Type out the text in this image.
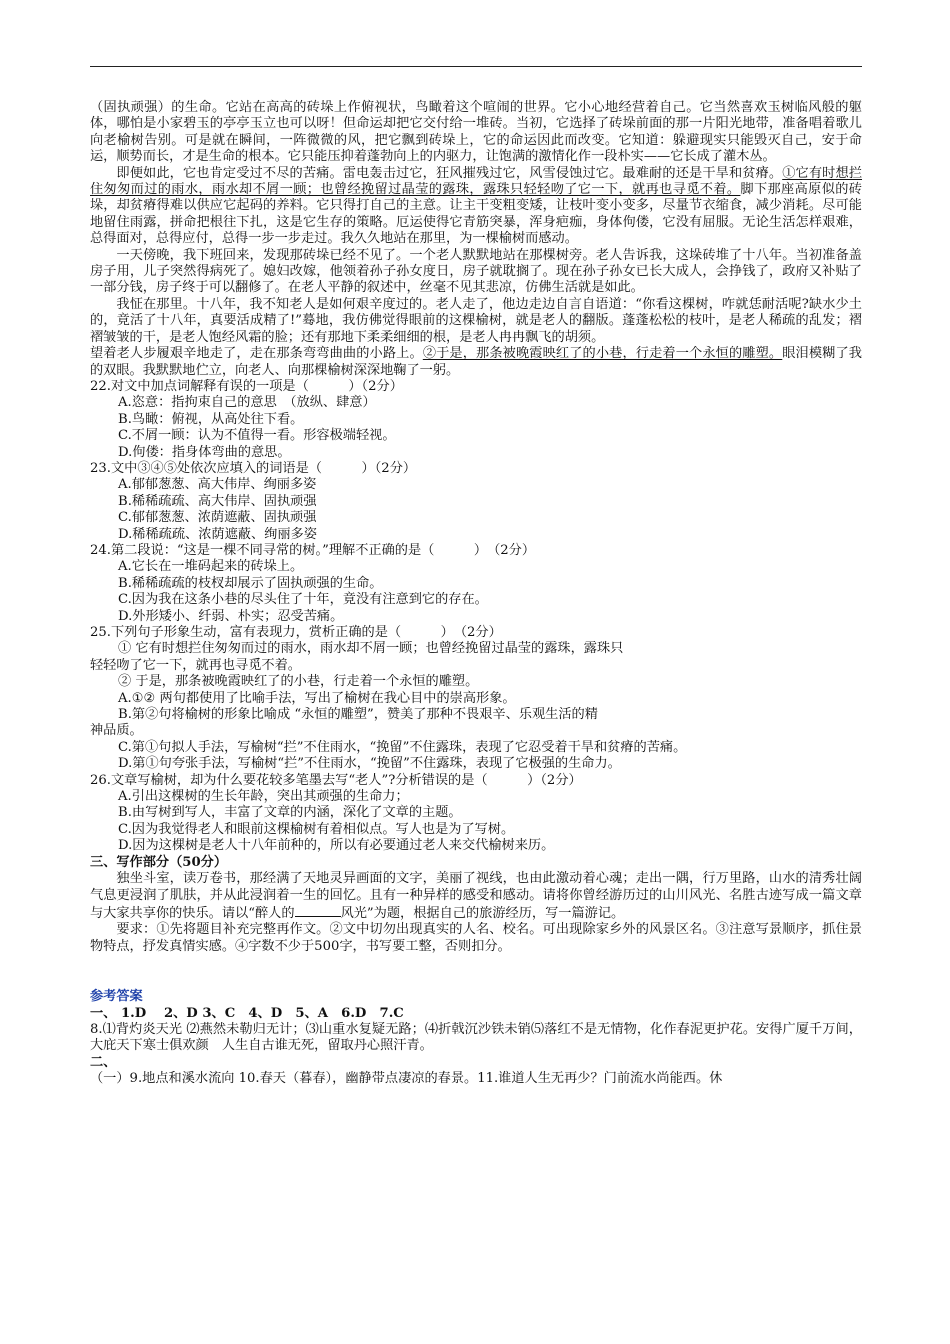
（固执顽强）的生命。它站在高高的砖垛上作俯视状，鸟瞰着这个喧闹的世界。它小心地经营着自己。它当然喜欢玉树临风般的躯体，哪怕是小家碧玉的亭亭玉立也可以呀！但命运却把它交付给一堆砖。当初，它选择了砖垛前面的那一片阳光地带，准备唱着歌儿向老榆树告别。可是就在瞬间，一阵微微的风，把它飘到砖垛上，它的命运因此而改变。它知道：躲避现实只能毁灭自己，安于命运，顺势而长，才是生命的根本。它只能压抑着蓬勃向上的内驱力，让饱满的激情化作一段朴实——它长成了灌木丛。

即便如此，它也肯定受过不尽的苦痛。雷电轰击过它，狂风摧残过它，风雪侵蚀过它。最难耐的还是干旱和贫瘠。①它有时想拦住匆匆而过的雨水，雨水却不屑一顾；也曾经挽留过晶莹的露珠，露珠只轻轻吻了它一下，就再也寻觅不着。脚下那座高原似的砖垛，却贫瘠得难以供应它起码的养料。它只得打自己的主意。让主干变粗变矮，让枝叶变小变多，尽量节衣缩食，减少消耗。尽可能地留住雨露，拼命把根往下扎，这是它生存的策略。厄运使得它青筋突暴，浑身疤痂，身体佝偻，它没有屈服。无论生活怎样艰难，总得面对，总得应付，总得一步一步走过。我久久地站在那里，为一棵榆树而感动。

一天傍晚，我下班回来，发现那砖垛已经不见了。一个老人默默地站在那棵树旁。老人告诉我，这垛砖堆了十八年。当初准备盖房子用，儿子突然得病死了。媳妇改嫁，他领着孙子孙女度日，房子就耽搁了。现在孙子孙女已长大成人，会挣钱了，政府又补贴了一部分钱，房子终于可以翻修了。在老人平静的叙述中，丝毫不见其悲凉，仿佛生活就是如此。

我怔在那里。十八年，我不知老人是如何艰辛度过的。老人走了，他边走边自言自语道：“你看这棵树，咋就恁耐活呢?缺水少土的，竟活了十八年，真要活成精了!”蓦地，我仿佛觉得眼前的这棵榆树，就是老人的翻版。蓬蓬松松的枝叶，是老人稀疏的乱发；褶褶皱皱的干，是老人饱经风霜的脸；还有那地下柔柔细细的根，是老人冉冉飘飞的胡须。

望着老人步履艰辛地走了，走在那条弯弯曲曲的小路上。②于是，那条被晚霞映红了的小巷，行走着一个永恒的雕塑。眼泪模糊了我的双眼。我默默地伫立，向老人、向那棵榆树深深地鞠了一躬。

22.对文中加点词解释有误的一项是（　　　）（2分）

A.恣意：指拘束自己的意思　（放纵、肆意）

B.鸟瞰：俯视，从高处往下看。

C.不屑一顾：认为不值得一看。形容极端轻视。

D.佝偻：指身体弯曲的意思。

23.文中③④⑤处依次应填入的词语是（　　　）（2分）

A.郁郁葱葱、高大伟岸、绚丽多姿

B.稀稀疏疏、高大伟岸、固执顽强

C.郁郁葱葱、浓荫遮蔽、固执顽强

D.稀稀疏疏、浓荫遮蔽、绚丽多姿

24.第二段说：“这是一棵不同寻常的树。”理解不正确的是（　　　）　（2分）

A.它长在一堆码起来的砖垛上。

B.稀稀疏疏的枝杈却展示了固执顽强的生命。

C.因为我在这条小巷的尽头住了十年，竟没有注意到它的存在。

D.外形矮小、纤弱、朴实；忍受苦痛。

25.下列句子形象生动，富有表现力，赏析正确的是（　　　）　（2分）

① 它有时想拦住匆匆而过的雨水，雨水却不屑一顾；也曾经挽留过晶莹的露珠，露珠只

轻轻吻了它一下，就再也寻觅不着。

② 于是，那条被晚霞映红了的小巷，行走着一个永恒的雕塑。

A.①② 两句都使用了比喻手法，写出了榆树在我心目中的崇高形象。

B.第②句将榆树的形象比喻成 “永恒的雕塑”，赞美了那种不畏艰辛、乐观生活的精

神品质。

C.第①句拟人手法，写榆树“拦”不住雨水，“挽留”不住露珠，表现了它忍受着干旱和贫瘠的苦痛。

D.第①句夸张手法，写榆树“拦”不住雨水，“挽留”不住露珠，表现了它极强的生命力。

26.文章写榆树，却为什么要花较多笔墨去写“老人”?分析错误的是（　　　）（2分）

A.引出这棵树的生长年龄，突出其顽强的生命力；

B.由写树到写人，丰富了文章的内涵，深化了文章的主题。

C.因为我觉得老人和眼前这棵榆树有着相似点。写人也是为了写树。

D.因为这棵树是老人十八年前种的，所以有必要通过老人来交代榆树来历。

三、写作部分（50分）

独坐斗室，读万卷书，那经满了天地灵异画面的文字，美丽了视线，也由此激动着心魂；走出一隅，行万里路，山水的清秀壮阔气息更浸润了肌肤，并从此浸润着一生的回忆。且有一种异样的感受和感动。请将你曾经游历过的山川风光、名胜古迹写成一篇文章与大家共享你的快乐。请以“醉人的	风光”为题，根据自己的旅游经历，写一篇游记。

要求：①先将题目补充完整再作文。②文中切勿出现真实的人名、校名。可出现除家乡外的风景区名。③注意写景顺序，抓住景物特点，抒发真情实感。④字数不少于500字，书写要工整，否则扣分。

参考答案

一、 1.D　 2、D 3、C　4、D　5、A　6.D　7.C

8.⑴背灼炎天光 ⑵燕然未勒归无计；⑶山重水复疑无路；⑷折戟沉沙铁未销⑸落红不是无情物，化作春泥更护花。安得广厦千万间，大庇天下寒士俱欢颜　人生自古谁无死，留取丹心照汗青。

二、

（一）9.地点和溪水流向 10.春天（暮春），幽静带点凄凉的春景。11.谁道人生无再少？门前流水尚能西。休
